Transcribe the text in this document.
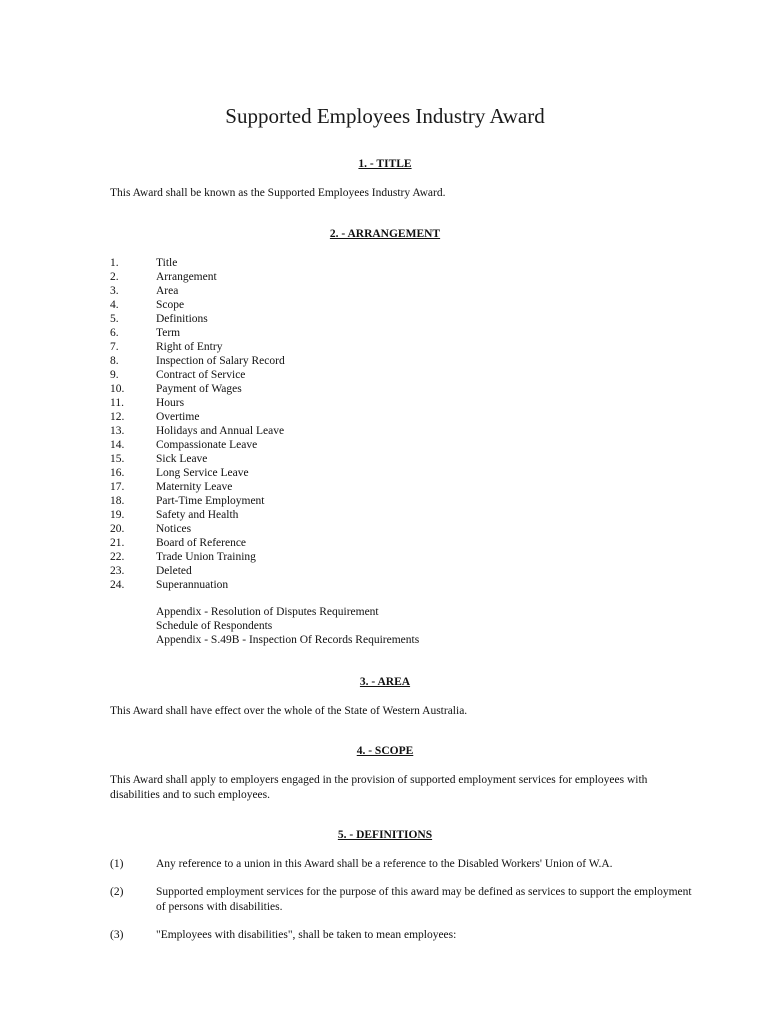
Supported Employees Industry Award
1. - TITLE

This Award shall be known as the Supported Employees Industry Award.

2. - ARRANGEMENT
1.	Title
2.	Arrangement
3.	Area
4.	Scope
5.	Definitions
6.	Term
7.	Right of Entry
8.	Inspection of Salary Record
9.	Contract of Service
10.	Payment of Wages
11.	Hours
12.	Overtime
13.	Holidays and Annual Leave
14.	Compassionate Leave
15.	Sick Leave
16.	Long Service Leave
17.	Maternity Leave
18.	Part-Time Employment
19.	Safety and Health
20.	Notices
21.	Board of Reference
22.	Trade Union Training
23.	Deleted
24.	Superannuation
Appendix - Resolution of Disputes Requirement
Schedule of Respondents
Appendix - S.49B - Inspection Of Records Requirements
3. - AREA

This Award shall have effect over the whole of the State of Western Australia.

4. - SCOPE

This Award shall apply to employers engaged in the provision of supported employment services for employees with disabilities and to such employees.

5. - DEFINITIONS
(1)	Any reference to a union in this Award shall be a reference to the Disabled Workers' Union of W.A.
(2)	Supported employment services for the purpose of this award may be defined as services to support the employment of persons with disabilities.
(3)	"Employees with disabilities", shall be taken to mean employees:
